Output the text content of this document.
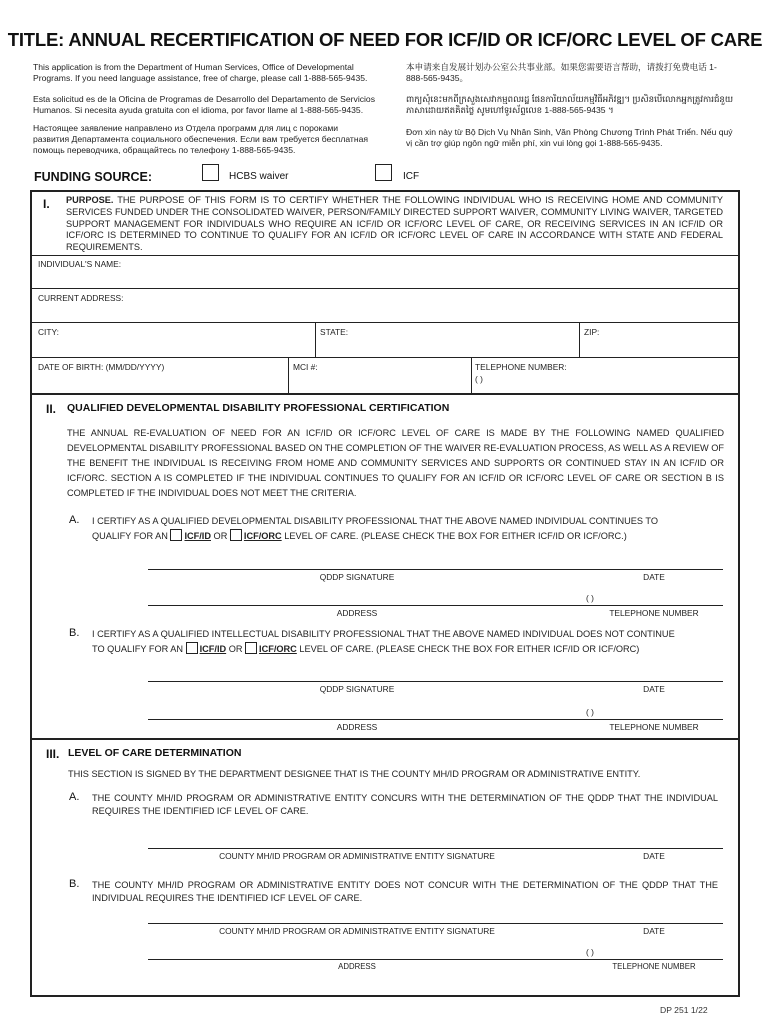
TITLE: ANNUAL RECERTIFICATION OF NEED FOR ICF/ID OR ICF/ORC LEVEL OF CARE
This application is from the Department of Human Services, Office of Developmental Programs. If you need language assistance, free of charge, please call 1-888-565-9435.
Esta solicitud es de la Oficina de Programas de Desarrollo del Departamento de Servicios Humanos. Si necesita ayuda gratuita con el idioma, por favor llame al 1-888-565-9435.
Настоящее заявление направлено из Отдела программ для лиц с пороками развития Департамента социального обеспечения. Если вам требуется бесплатная помощь переводчика, обращайтесь по телефону 1-888-565-9435.
本申请来自发展计划办公室公共事业部。如果您需要语言帮助，请拨打免费电话 1-888-565-9435。
ពាក្យសុំនេះមកពីក្រសួងសេវាកម្មពលរដ្ឋ ផែនការិយាល័យកម្មវិធីអភិវឌ្ឍ។ ប្រសិនបើលោកអ្នកត្រូវការជំនួយភាសាដោយឥតគិតថ្លៃ សូមហៅទូរស័ព្ទលេខ 1-888-565-9435 ។
Đơn xin này từ Bộ Dịch Vụ Nhân Sinh, Văn Phòng Chương Trình Phát Triển. Nếu quý vị cần trợ giúp ngôn ngữ miễn phí, xin vui lòng gọi 1-888-565-9435.
FUNDING SOURCE:	HCBS waiver	ICF
I. PURPOSE. THE PURPOSE OF THIS FORM IS TO CERTIFY WHETHER THE FOLLOWING INDIVIDUAL WHO IS RECEIVING HOME AND COMMUNITY SERVICES FUNDED UNDER THE CONSOLIDATED WAIVER, PERSON/FAMILY DIRECTED SUPPORT WAIVER, COMMUNITY LIVING WAIVER, TARGETED SUPPORT MANAGEMENT FOR INDIVIDUALS WHO REQUIRE AN ICF/ID OR ICF/ORC LEVEL OF CARE, OR RECEIVING SERVICES IN AN ICF/ID OR ICF/ORC IS DETERMINED TO CONTINUE TO QUALIFY FOR AN ICF/ID OR ICF/ORC LEVEL OF CARE IN ACCORDANCE WITH STATE AND FEDERAL REQUIREMENTS.
INDIVIDUAL'S NAME:
CURRENT ADDRESS:
CITY:	STATE:	ZIP:
DATE OF BIRTH: (MM/DD/YYYY)	MCI #:	TELEPHONE NUMBER:
( )
II. QUALIFIED DEVELOPMENTAL DISABILITY PROFESSIONAL CERTIFICATION
THE ANNUAL RE-EVALUATION OF NEED FOR AN ICF/ID OR ICF/ORC LEVEL OF CARE IS MADE BY THE FOLLOWING NAMED QUALIFIED DEVELOPMENTAL DISABILITY PROFESSIONAL BASED ON THE COMPLETION OF THE WAIVER RE-EVALUATION PROCESS, AS WELL AS A REVIEW OF THE BENEFIT THE INDIVIDUAL IS RECEIVING FROM HOME AND COMMUNITY SERVICES AND SUPPORTS OR CONTINUED STAY IN AN ICF/ID OR ICF/ORC. SECTION A IS COMPLETED IF THE INDIVIDUAL CONTINUES TO QUALIFY FOR AN ICF/ID OR ICF/ORC LEVEL OF CARE OR SECTION B IS COMPLETED IF THE INDIVIDUAL DOES NOT MEET THE CRITERIA.
A. I CERTIFY AS A QUALIFIED DEVELOPMENTAL DISABILITY PROFESSIONAL THAT THE ABOVE NAMED INDIVIDUAL CONTINUES TO
QUALIFY FOR AN ICF/ID OR ICF/ORC LEVEL OF CARE. (PLEASE CHECK THE BOX FOR EITHER ICF/ID OR ICF/ORC.)
QDDP SIGNATURE	DATE
( )
ADDRESS	TELEPHONE NUMBER
B. I CERTIFY AS A QUALIFIED INTELLECTUAL DISABILITY PROFESSIONAL THAT THE ABOVE NAMED INDIVIDUAL DOES NOT CONTINUE
TO QUALIFY FOR AN ICF/ID OR ICF/ORC LEVEL OF CARE. (PLEASE CHECK THE BOX FOR EITHER ICF/ID OR ICF/ORC)
QDDP SIGNATURE	DATE
( )
ADDRESS	TELEPHONE NUMBER
III. LEVEL OF CARE DETERMINATION
THIS SECTION IS SIGNED BY THE DEPARTMENT DESIGNEE THAT IS THE COUNTY MH/ID PROGRAM OR ADMINISTRATIVE ENTITY.
A. THE COUNTY MH/ID PROGRAM OR ADMINISTRATIVE ENTITY CONCURS WITH THE DETERMINATION OF THE QDDP THAT THE INDIVIDUAL REQUIRES THE IDENTIFIED ICF LEVEL OF CARE.
COUNTY MH/ID PROGRAM OR ADMINISTRATIVE ENTITY SIGNATURE	DATE
B. THE COUNTY MH/ID PROGRAM OR ADMINISTRATIVE ENTITY DOES NOT CONCUR WITH THE DETERMINATION OF THE QDDP THAT THE INDIVIDUAL REQUIRES THE IDENTIFIED ICF LEVEL OF CARE.
COUNTY MH/ID PROGRAM OR ADMINISTRATIVE ENTITY SIGNATURE	DATE
( )
ADDRESS	TELEPHONE NUMBER
DP 251 1/22
